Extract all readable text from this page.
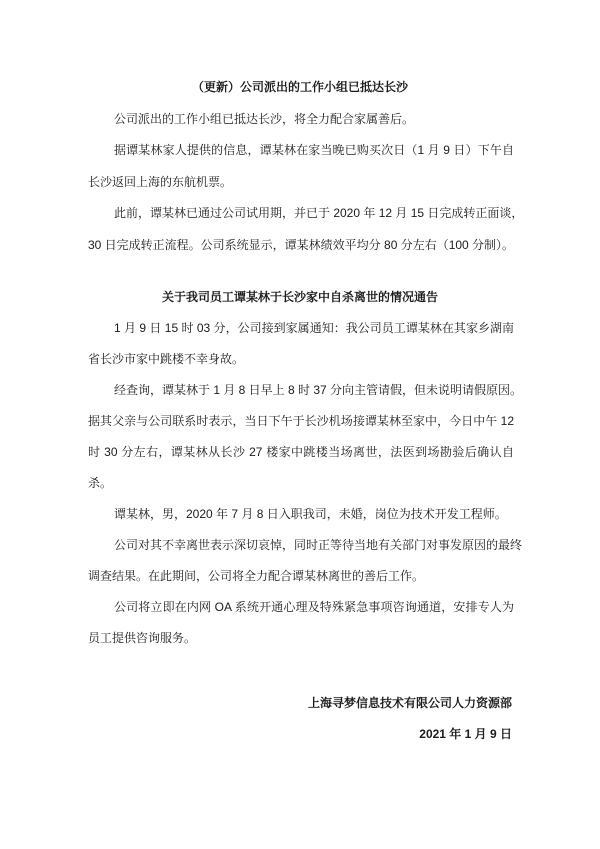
（更新）公司派出的工作小组已抵达长沙
公司派出的工作小组已抵达长沙，将全力配合家属善后。
据谭某林家人提供的信息，谭某林在家当晚已购买次日（1 月 9 日）下午自
长沙返回上海的东航机票。
此前，谭某林已通过公司试用期，并已于 2020 年 12 月 15 日完成转正面谈，
30 日完成转正流程。公司系统显示，谭某林绩效平均分 80 分左右（100 分制）。
关于我司员工谭某林于长沙家中自杀离世的情况通告
1 月 9 日 15 时 03 分，公司接到家属通知：我公司员工谭某林在其家乡湖南
省长沙市家中跳楼不幸身故。
经查询，谭某林于 1 月 8 日早上 8 时 37 分向主管请假，但未说明请假原因。
据其父亲与公司联系时表示，当日下午于长沙机场接谭某林至家中，今日中午 12
时 30 分左右，谭某林从长沙 27 楼家中跳楼当场离世，法医到场勘验后确认自
杀。
谭某林，男，2020 年 7 月 8 日入职我司，未婚，岗位为技术开发工程师。
公司对其不幸离世表示深切哀悼，同时正等待当地有关部门对事发原因的最终
调查结果。在此期间，公司将全力配合谭某林离世的善后工作。
公司将立即在内网 OA 系统开通心理及特殊紧急事项咨询通道，安排专人为
员工提供咨询服务。
上海寻梦信息技术有限公司人力资源部
2021 年 1 月 9 日
